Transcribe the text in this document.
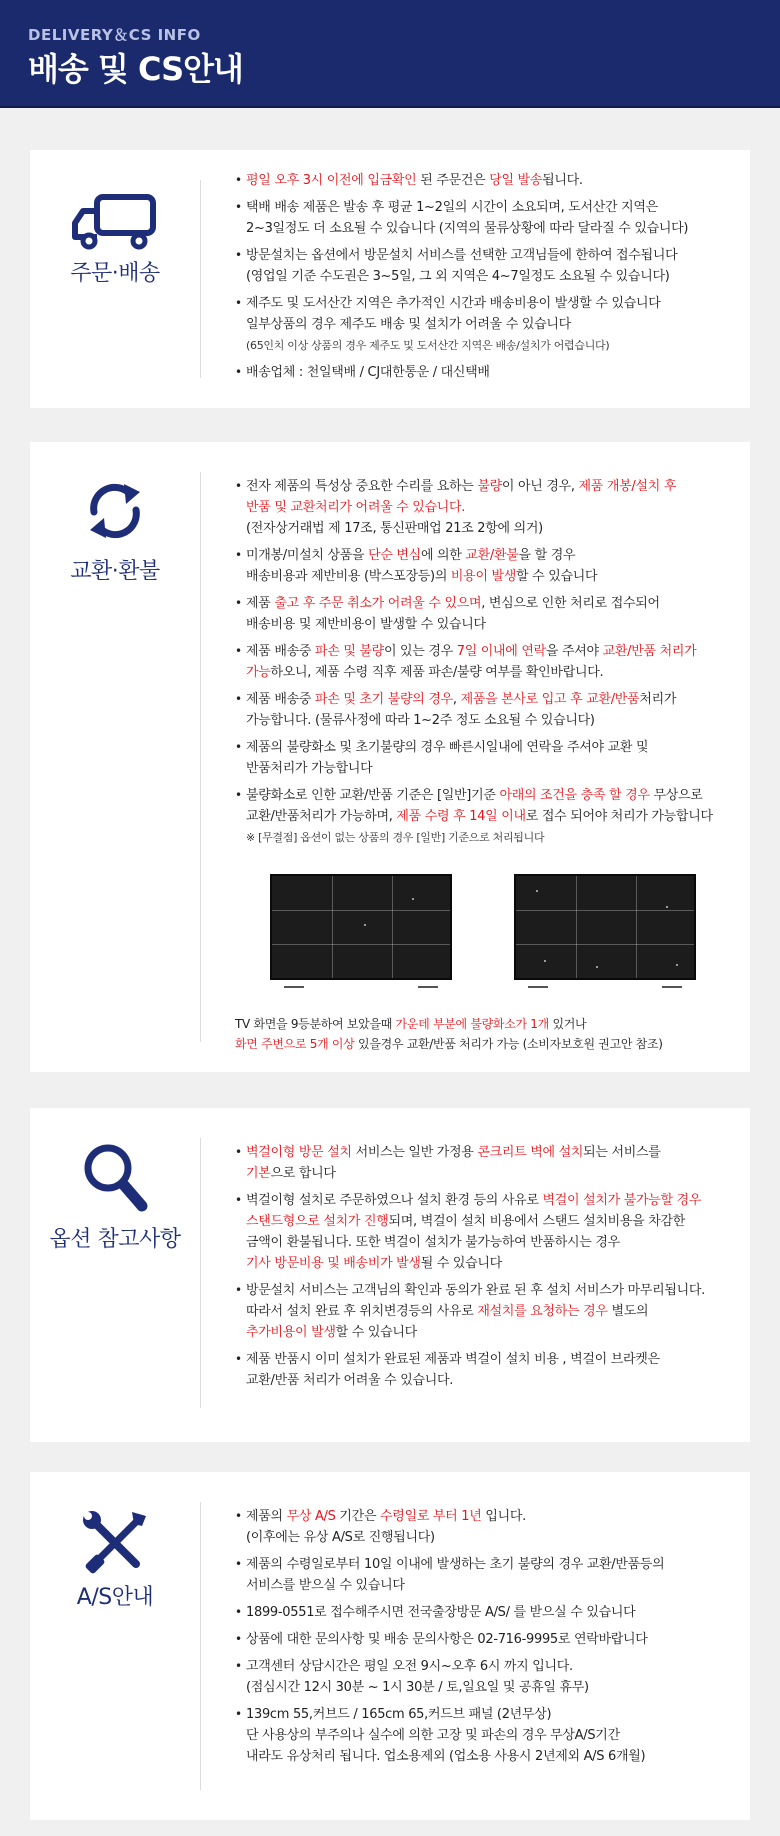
DELIVERY＆CS INFO
배송 및 CS안내
주문·배송
• 평일 오후 3시 이전에 입금확인 된 주문건은 당일 발송됩니다.
• 택배 배송 제품은 발송 후 평균 1~2일의 시간이 소요되며, 도서산간 지역은
2~3일정도 더 소요될 수 있습니다 (지역의 물류상황에 따라 달라질 수 있습니다)
• 방문설치는 옵션에서 방문설치 서비스를 선택한 고객님들에 한하여 접수됩니다
(영업일 기준 수도권은 3~5일, 그 외 지역은 4~7일정도 소요될 수 있습니다)
• 제주도 및 도서산간 지역은 추가적인 시간과 배송비용이 발생할 수 있습니다
일부상품의 경우 제주도 배송 및 설치가 어려울 수 있습니다
(65인치 이상 상품의 경우 제주도 및 도서산간 지역은 배송/설치가 어렵습니다)
• 배송업체 : 천일택배 / CJ대한통운 / 대신택배
교환·환불
• 전자 제품의 특성상 중요한 수리를 요하는 불량이 아닌 경우, 제품 개봉/설치 후
반품 및 교환처리가 어려울 수 있습니다.
(전자상거래법 제 17조, 통신판매업 21조 2항에 의거)
• 미개봉/미설치 상품을 단순 변심에 의한 교환/환불을 할 경우
배송비용과 제반비용 (박스포장등)의 비용이 발생할 수 있습니다
• 제품 출고 후 주문 취소가 어려울 수 있으며, 변심으로 인한 처리로 접수되어
배송비용 및 제반비용이 발생할 수 있습니다
• 제품 배송중 파손 및 불량이 있는 경우 7일 이내에 연락을 주셔야 교환/반품 처리가
가능하오니, 제품 수령 직후 제품 파손/불량 여부를 확인바랍니다.
• 제품 배송중 파손 및 초기 불량의 경우, 제품을 본사로 입고 후 교환/반품처리가
가능합니다. (물류사정에 따라 1~2주 정도 소요될 수 있습니다)
• 제품의 불량화소 및 초기불량의 경우 빠른시일내에 연락을 주셔야 교환 및
반품처리가 가능합니다
• 불량화소로 인한 교환/반품 기준은 [일반]기준 아래의 조건을 충족 할 경우 무상으로
교환/반품처리가 가능하며, 제품 수령 후 14일 이내로 접수 되어야 처리가 가능합니다
※ [무결점] 옵션이 없는 상품의 경우 [일반] 기준으로 처리됩니다
TV 화면을 9등분하여 보았을때 가운데 부분에 불량화소가 1개 있거나
화면 주변으로 5개 이상 있을경우 교환/반품 처리가 가능 (소비자보호원 권고안 참조)
옵션 참고사항
• 벽걸이형 방문 설치 서비스는 일반 가정용 콘크리트 벽에 설치되는 서비스를
기본으로 합니다
• 벽걸이형 설치로 주문하였으나 설치 환경 등의 사유로 벽걸이 설치가 불가능할 경우
스탠드형으로 설치가 진행되며, 벽걸이 설치 비용에서 스탠드 설치비용을 차감한
금액이 환불됩니다. 또한 벽걸이 설치가 불가능하여 반품하시는 경우
기사 방문비용 및 배송비가 발생될 수 있습니다
• 방문설치 서비스는 고객님의 확인과 동의가 완료 된 후 설치 서비스가 마무리됩니다.
따라서 설치 완료 후 위치변경등의 사유로 재설치를 요청하는 경우 별도의
추가비용이 발생할 수 있습니다
• 제품 반품시 이미 설치가 완료된 제품과 벽걸이 설치 비용 , 벽걸이 브라켓은
교환/반품 처리가 어려울 수 있습니다.
A/S안내
• 제품의 무상 A/S 기간은 수령일로 부터 1년 입니다.
(이후에는 유상 A/S로 진행됩니다)
• 제품의 수령일로부터 10일 이내에 발생하는 초기 불량의 경우 교환/반품등의
서비스를 받으실 수 있습니다
• 1899-0551로 접수해주시면 전국출장방문 A/S/ 를 받으실 수 있습니다
• 상품에 대한 문의사항 및 배송 문의사항은 02-716-9995로 연락바랍니다
• 고객센터 상담시간은 평일 오전 9시~오후 6시 까지 입니다.
(점심시간 12시 30분 ~ 1시 30분 / 토,일요일 및 공휴일 휴무)
• 139cm 55,커브드 / 165cm 65,커드브 패널 (2년무상)
단 사용상의 부주의나 실수에 의한 고장 및 파손의 경우 무상A/S기간
내라도 유상처리 됩니다. 업소용제외 (업소용 사용시 2년제외 A/S 6개월)
